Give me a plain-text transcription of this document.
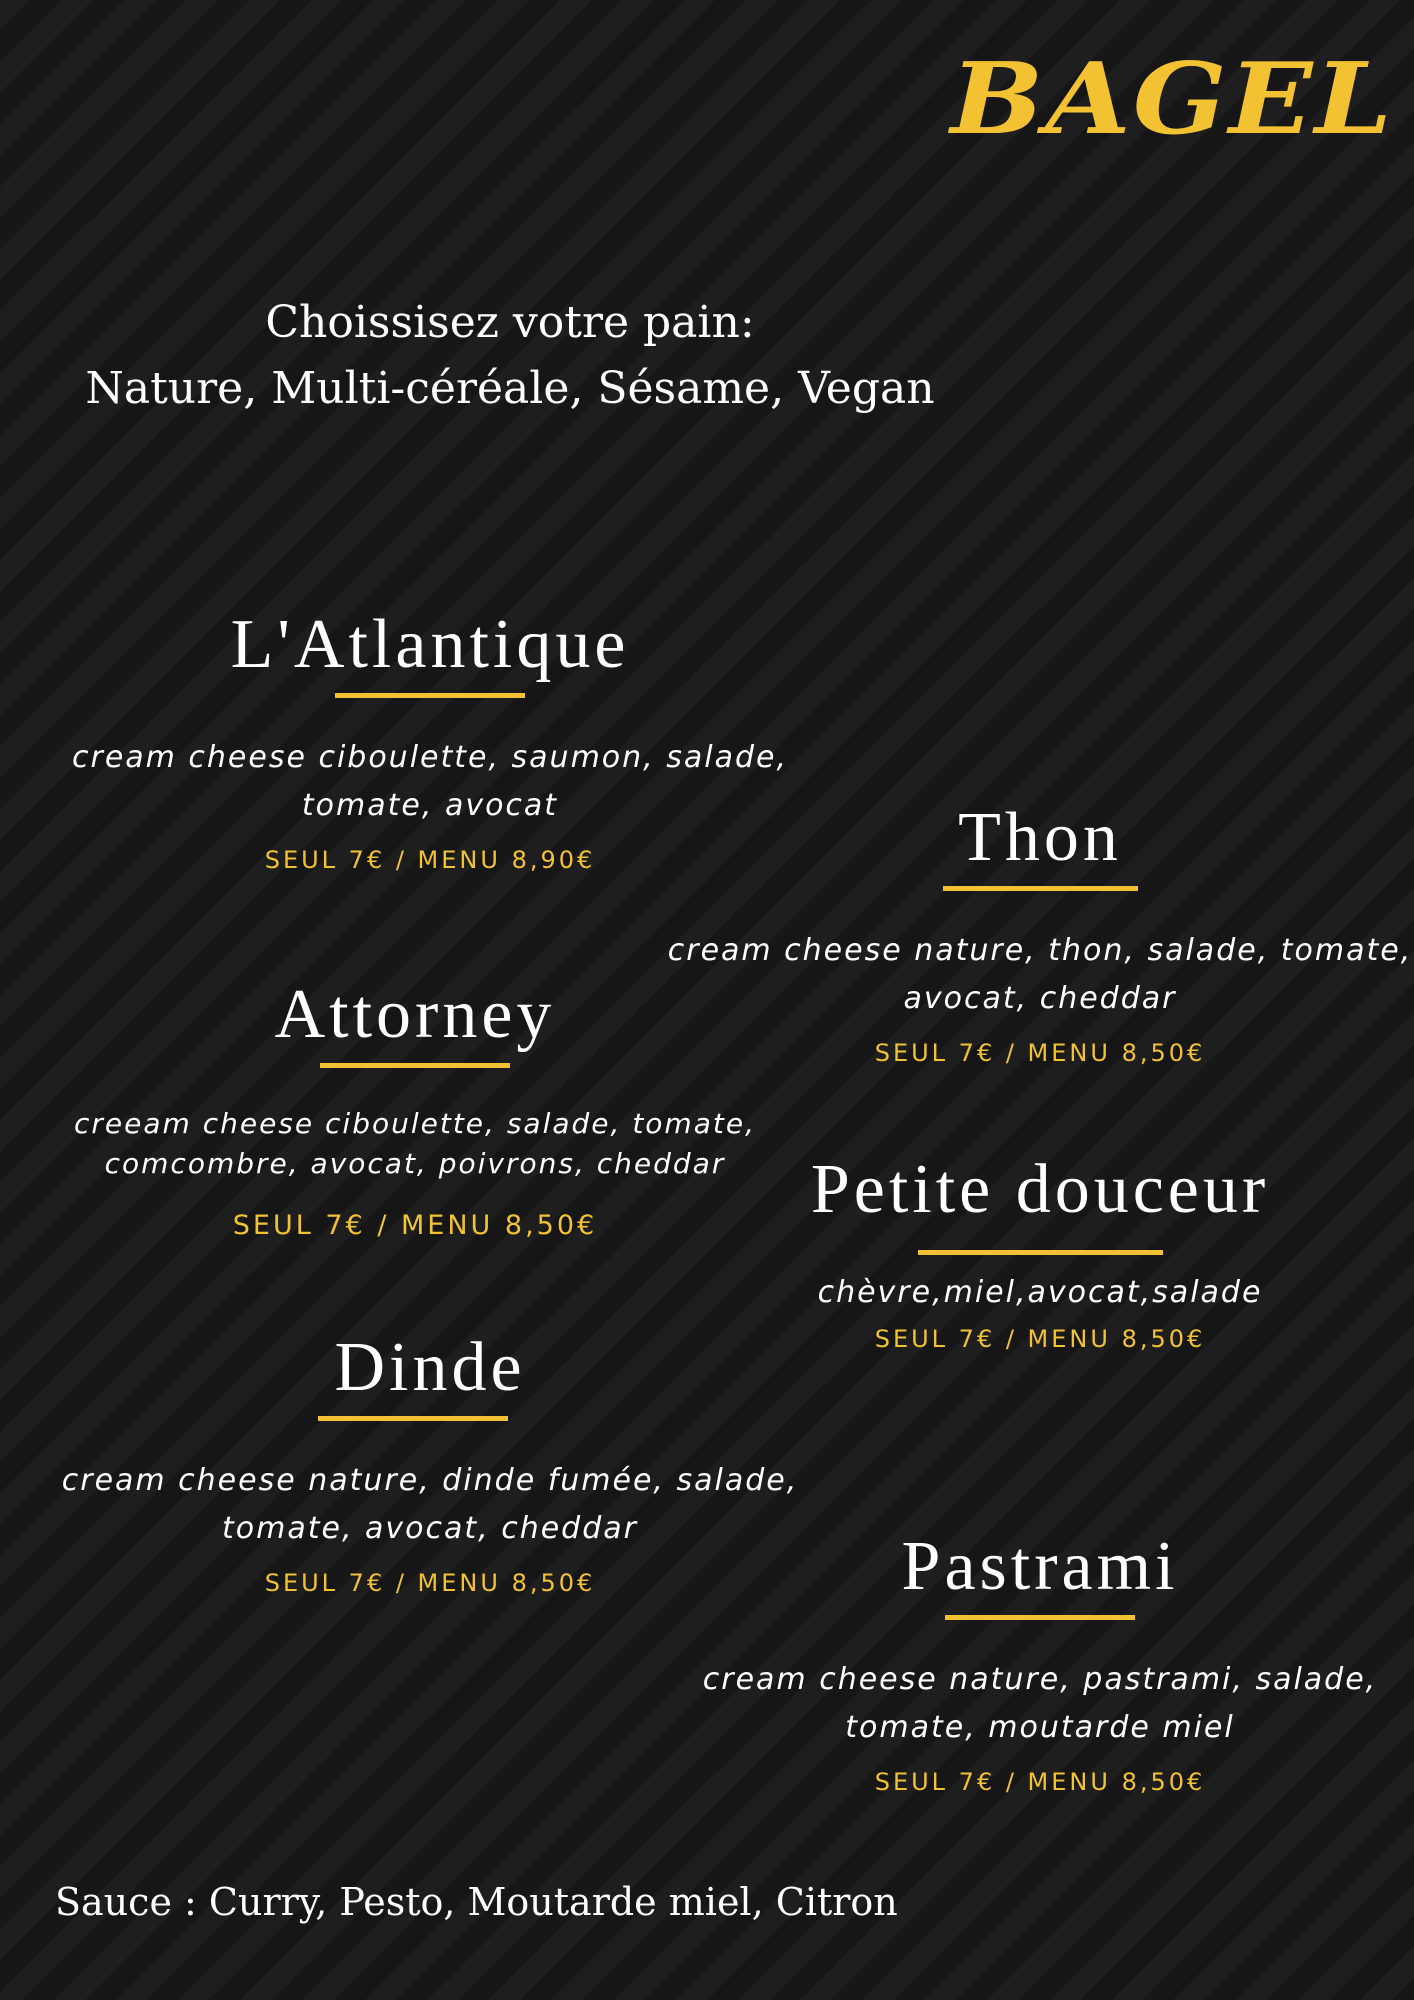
BAGEL
Choissisez votre pain:
Nature, Multi-céréale, Sésame, Vegan
L'Atlantique
cream cheese ciboulette, saumon, salade,
tomate, avocat
SEUL 7€ / MENU 8,90€	Thon
cream cheese nature, thon, salade, tomate,
avocat, cheddar
SEUL 7€ / MENU 8,50€
Attorney
creeam cheese ciboulette, salade, tomate,
comcombre, avocat, poivrons, cheddar
SEUL 7€ / MENU 8,50€	Petite douceur
chèvre,miel,avocat,salade
SEUL 7€ / MENU 8,50€
Dinde
cream cheese nature, dinde fumée, salade,
tomate, avocat, cheddar
SEUL 7€ / MENU 8,50€	Pastrami
cream cheese nature, pastrami, salade,
tomate, moutarde miel
SEUL 7€ / MENU 8,50€
Sauce : Curry, Pesto, Moutarde miel, Citron
